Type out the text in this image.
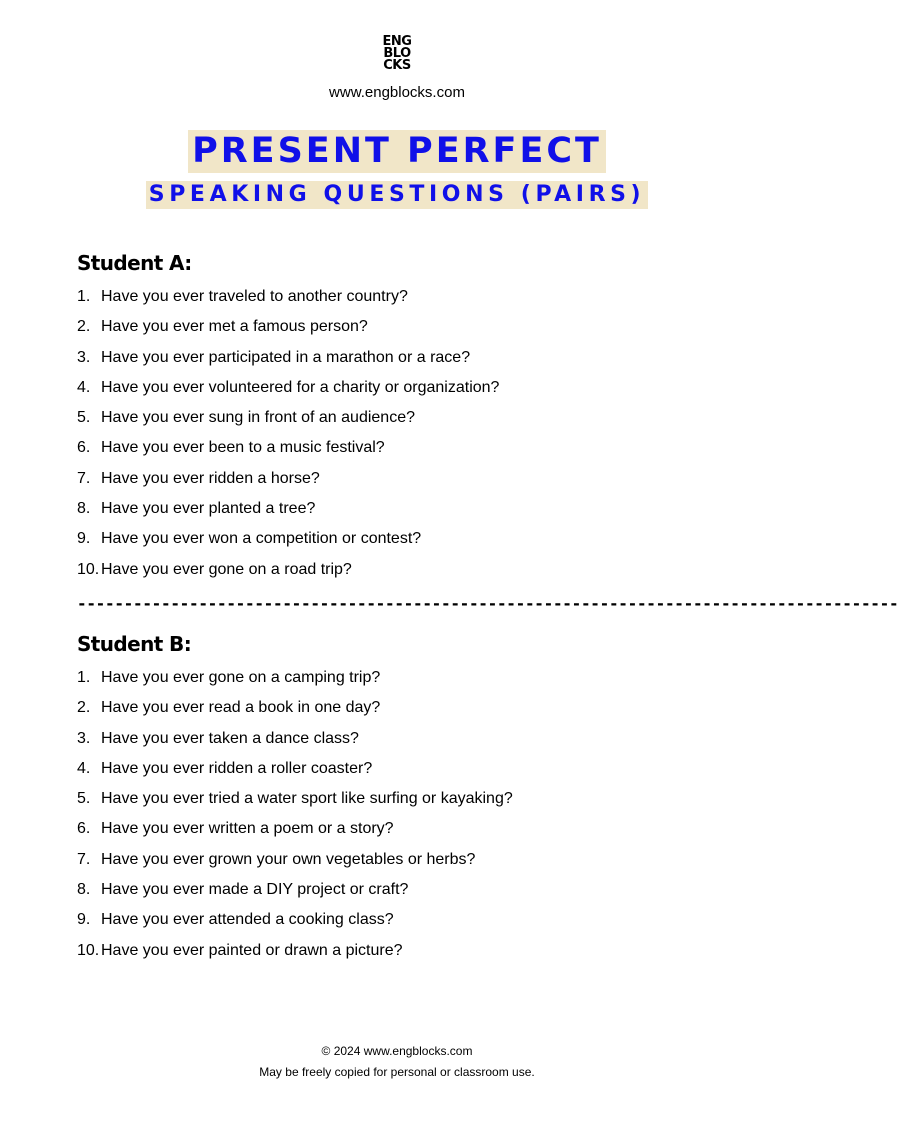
ENG
BLO
CKS
www.engblocks.com
PRESENT PERFECT
SPEAKING QUESTIONS (PAIRS)
Student A:
1. Have you ever traveled to another country?
2. Have you ever met a famous person?
3. Have you ever participated in a marathon or a race?
4. Have you ever volunteered for a charity or organization?
5. Have you ever sung in front of an audience?
6. Have you ever been to a music festival?
7. Have you ever ridden a horse?
8. Have you ever planted a tree?
9. Have you ever won a competition or contest?
10. Have you ever gone on a road trip?
----------------------------------------------------------------------------------------
Student B:
1. Have you ever gone on a camping trip?
2. Have you ever read a book in one day?
3. Have you ever taken a dance class?
4. Have you ever ridden a roller coaster?
5. Have you ever tried a water sport like surfing or kayaking?
6. Have you ever written a poem or a story?
7. Have you ever grown your own vegetables or herbs?
8. Have you ever made a DIY project or craft?
9. Have you ever attended a cooking class?
10. Have you ever painted or drawn a picture?
© 2024 www.engblocks.com
May be freely copied for personal or classroom use.
